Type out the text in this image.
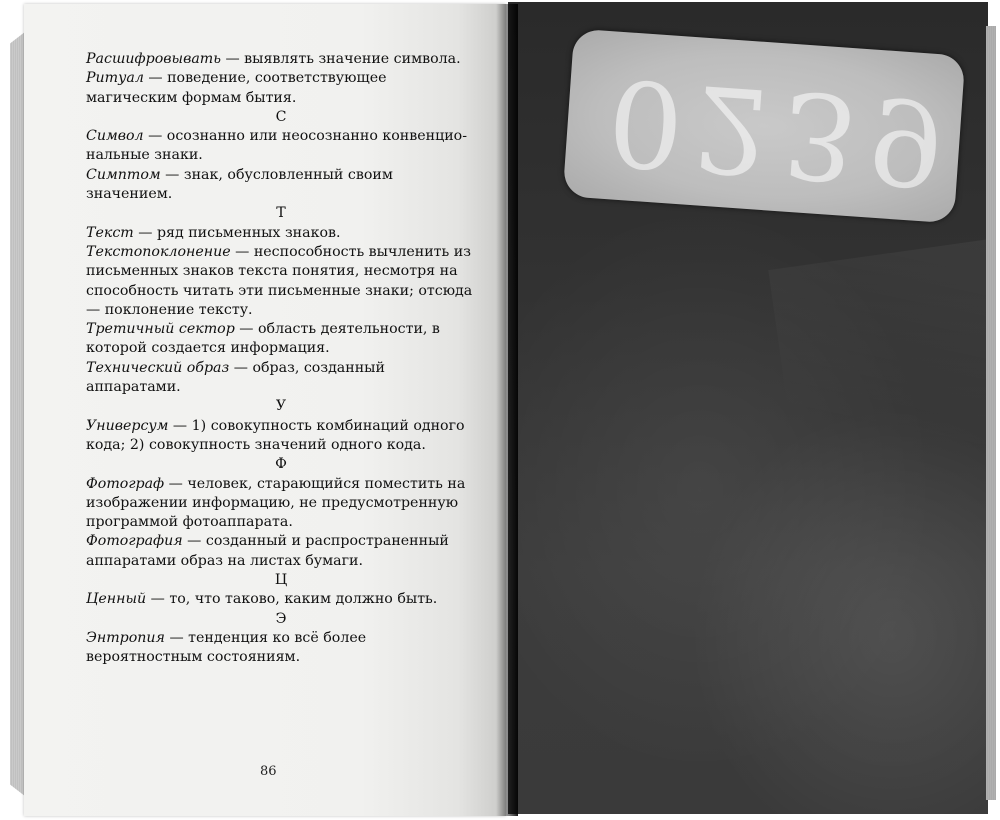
Расшифровывать — выявлять значение символа.

Ритуал — поведение, соответствующее магическим формам бытия.

С

Символ — осознанно или неосознанно конвенциональные знаки.

Симптом — знак, обусловленный своим значением.

Т

Текст — ряд письменных знаков.

Текстопоклонение — неспособность вычленить из письменных знаков текста понятия, несмотря на способность читать эти письменные знаки; отсюда — поклонение тексту.

Третичный сектор — область деятельности, в которой создается информация.

Технический образ — образ, созданный аппаратами.

У

Универсум — 1) совокупность комбинаций одного кода; 2) совокупность значений одного кода.

Ф

Фотограф — человек, старающийся поместить на изображении информацию, не предусмотренную программой фотоаппарата.

Фотография — созданный и распространенный аппаратами образ на листах бумаги.

Ц

Ценный — то, что таково, каким должно быть.

Э

Энтропия — тенденция ко всё более вероятностным состояниям.

86
0239
